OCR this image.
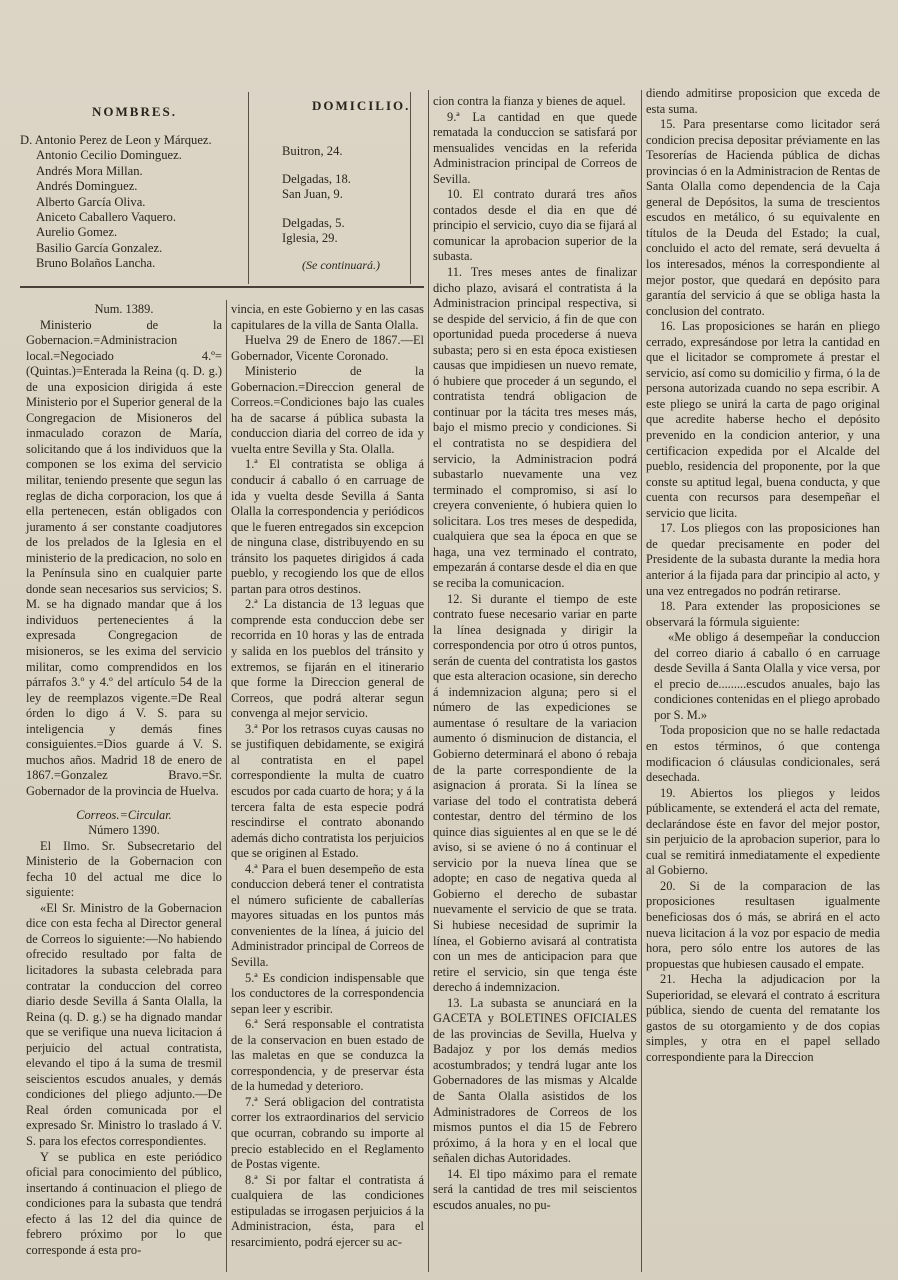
NOMBRES.	DOMICILIO.

D. Antonio Perez de Leon y Márquez.

Antonio Cecilio Dominguez.

Andrés Mora Millan.

Andrés Dominguez.

Alberto García Oliva.

Aniceto Caballero Vaquero.

Aurelio Gomez.

Basilio García Gonzalez.

Bruno Bolaños Lancha.

Buitron, 24.
Delgadas, 18.
San Juan, 9.
Delgadas, 5.
Iglesia, 29.
(Se continuará.)

Num. 1389.

Ministerio de la Gobernacion.=Administracion local.=Negociado 4.º=(Quintas.)=Enterada la Reina (q. D. g.) de una exposicion dirigida á este Ministerio por el Superior general de la Congregacion de Misioneros del inmaculado corazon de María, solicitando que á los individuos que la componen se los exima del servicio militar, teniendo presente que segun las reglas de dicha corporacion, los que á ella pertenecen, están obligados con juramento á ser constante coadjutores de los prelados de la Iglesia en el ministerio de la predicacion, no solo en la Península sino en cualquier parte donde sean necesarios sus servicios; S. M. se ha dignado mandar que á los individuos pertenecientes á la expresada Congregacion de misioneros, se les exima del servicio militar, como comprendidos en los párrafos 3.º y 4.º del artículo 54 de la ley de reemplazos vigente.=De Real órden lo digo á V. S. para su inteligencia y demás fines consiguientes.=Dios guarde á V. S. muchos años. Madrid 18 de enero de 1867.=Gonzalez Bravo.=Sr. Gobernador de la provincia de Huelva.

Correos.=Circular.

Número 1390.

El Ilmo. Sr. Subsecretario del Ministerio de la Gobernacion con fecha 10 del actual me dice lo siguiente:

«El Sr. Ministro de la Gobernacion dice con esta fecha al Director general de Correos lo siguiente:—No habiendo ofrecido resultado por falta de licitadores la subasta celebrada para contratar la conduccion del correo diario desde Sevilla á Santa Olalla, la Reina (q. D. g.) se ha dignado mandar que se verifique una nueva licitacion á perjuicio del actual contratista, elevando el tipo á la suma de tresmil seiscientos escudos anuales, y demás condiciones del pliego adjunto.—De Real órden comunicada por el expresado Sr. Ministro lo traslado á V. S. para los efectos correspondientes.

Y se publica en este periódico oficial para conocimiento del público, insertando á continuacion el pliego de condiciones para la subasta que tendrá efecto á las 12 del dia quince de febrero próximo por lo que corresponde á esta pro-

vincia, en este Gobierno y en las casas capitulares de la villa de Santa Olalla.

Huelva 29 de Enero de 1867.—El Gobernador, Vicente Coronado.

Ministerio de la Gobernacion.=Direccion general de Correos.=Condiciones bajo las cuales ha de sacarse á pública subasta la conduccion diaria del correo de ida y vuelta entre Sevilla y Sta. Olalla.

1.ª El contratista se obliga á conducir á caballo ó en carruage de ida y vuelta desde Sevilla á Santa Olalla la correspondencia y periódicos que le fueren entregados sin excepcion de ninguna clase, distribuyendo en su tránsito los paquetes dirigidos á cada pueblo, y recogiendo los que de ellos partan para otros destinos.

2.ª La distancia de 13 leguas que comprende esta conduccion debe ser recorrida en 10 horas y las de entrada y salida en los pueblos del tránsito y extremos, se fijarán en el itinerario que forme la Direccion general de Correos, que podrá alterar segun convenga al mejor servicio.

3.ª Por los retrasos cuyas causas no se justifiquen debidamente, se exigirá al contratista en el papel correspondiente la multa de cuatro escudos por cada cuarto de hora; y á la tercera falta de esta especie podrá rescindirse el contrato abonando además dicho contratista los perjuicios que se originen al Estado.

4.ª Para el buen desempeño de esta conduccion deberá tener el contratista el número suficiente de caballerías mayores situadas en los puntos más convenientes de la línea, á juicio del Administrador principal de Correos de Sevilla.

5.ª Es condicion indispensable que los conductores de la correspondencia sepan leer y escribir.

6.ª Será responsable el contratista de la conservacion en buen estado de las maletas en que se conduzca la correspondencia, y de preservar ésta de la humedad y deterioro.

7.ª Será obligacion del contratista correr los extraordinarios del servicio que ocurran, cobrando su importe al precio establecido en el Reglamento de Postas vigente.

8.ª Si por faltar el contratista á cualquiera de las condiciones estipuladas se irrogasen perjuicios á la Administracion, ésta, para el resarcimiento, podrá ejercer su ac-

cion contra la fianza y bienes de aquel.

9.ª La cantidad en que quede rematada la conduccion se satisfará por mensualides vencidas en la referida Administracion principal de Correos de Sevilla.

10. El contrato durará tres años contados desde el dia en que dé principio el servicio, cuyo dia se fijará al comunicar la aprobacion superior de la subasta.

11. Tres meses antes de finalizar dicho plazo, avisará el contratista á la Administracion principal respectiva, si se despide del servicio, á fin de que con oportunidad pueda procederse á nueva subasta; pero si en esta época existiesen causas que impidiesen un nuevo remate, ó hubiere que proceder á un segundo, el contratista tendrá obligacion de continuar por la tácita tres meses más, bajo el mismo precio y condiciones. Si el contratista no se despidiera del servicio, la Administracion podrá subastarlo nuevamente una vez terminado el compromiso, si así lo creyera conveniente, ó hubiera quien lo solicitara. Los tres meses de despedida, cualquiera que sea la época en que se haga, una vez terminado el contrato, empezarán á contarse desde el dia en que se reciba la comunicacion.

12. Si durante el tiempo de este contrato fuese necesario variar en parte la línea designada y dirigir la correspondencia por otro ú otros puntos, serán de cuenta del contratista los gastos que esta alteracion ocasione, sin derecho á indemnizacion alguna; pero si el número de las expediciones se aumentase ó resultare de la variacion aumento ó disminucion de distancia, el Gobierno determinará el abono ó rebaja de la parte correspondiente de la asignacion á prorata. Si la línea se variase del todo el contratista deberá contestar, dentro del término de los quince dias siguientes al en que se le dé aviso, si se aviene ó no á continuar el servicio por la nueva línea que se adopte; en caso de negativa queda al Gobierno el derecho de subastar nuevamente el servicio de que se trata. Si hubiese necesidad de suprimir la línea, el Gobierno avisará al contratista con un mes de anticipacion para que retire el servicio, sin que tenga éste derecho á indemnizacion.

13. La subasta se anunciará en la GACETA y BOLETINES OFICIALES de las provincias de Sevilla, Huelva y Badajoz y por los demás medios acostumbrados; y tendrá lugar ante los Gobernadores de las mismas y Alcalde de Santa Olalla asistidos de los Administradores de Correos de los mismos puntos el dia 15 de Febrero próximo, á la hora y en el local que señalen dichas Autoridades.

14. El tipo máximo para el remate será la cantidad de tres mil seiscientos escudos anuales, no pu-

diendo admitirse proposicion que exceda de esta suma.

15. Para presentarse como licitador será condicion precisa depositar préviamente en las Tesorerías de Hacienda pública de dichas provincias ó en la Administracion de Rentas de Santa Olalla como dependencia de la Caja general de Depósitos, la suma de trescientos escudos en metálico, ó su equivalente en títulos de la Deuda del Estado; la cual, concluido el acto del remate, será devuelta á los interesados, ménos la correspondiente al mejor postor, que quedará en depósito para garantía del servicio á que se obliga hasta la conclusion del contrato.

16. Las proposiciones se harán en pliego cerrado, expresándose por letra la cantidad en que el licitador se compromete á prestar el servicio, así como su domicilio y firma, ó la de persona autorizada cuando no sepa escribir. A este pliego se unirá la carta de pago original que acredite haberse hecho el depósito prevenido en la condicion anterior, y una certificacion expedida por el Alcalde del pueblo, residencia del proponente, por la que conste su aptitud legal, buena conducta, y que cuenta con recursos para desempeñar el servicio que licita.

17. Los pliegos con las proposiciones han de quedar precisamente en poder del Presidente de la subasta durante la media hora anterior á la fijada para dar principio al acto, y una vez entregados no podrán retirarse.

18. Para extender las proposiciones se observará la fórmula siguiente:

«Me obligo á desempeñar la conduccion del correo diario á caballo ó en carruage desde Sevilla á Santa Olalla y vice versa, por el precio de.........escudos anuales, bajo las condiciones contenidas en el pliego aprobado por S. M.»

Toda proposicion que no se halle redactada en estos términos, ó que contenga modificacion ó cláusulas condicionales, será desechada.

19. Abiertos los pliegos y leidos públicamente, se extenderá el acta del remate, declarándose éste en favor del mejor postor, sin perjuicio de la aprobacion superior, para lo cual se remitirá inmediatamente el expediente al Gobierno.

20. Si de la comparacion de las proposiciones resultasen igualmente beneficiosas dos ó más, se abrirá en el acto nueva licitacion á la voz por espacio de media hora, pero sólo entre los autores de las propuestas que hubiesen causado el empate.

21. Hecha la adjudicacion por la Superioridad, se elevará el contrato á escritura pública, siendo de cuenta del rematante los gastos de su otorgamiento y de dos copias simples, y otra en el papel sellado correspondiente para la Direccion
